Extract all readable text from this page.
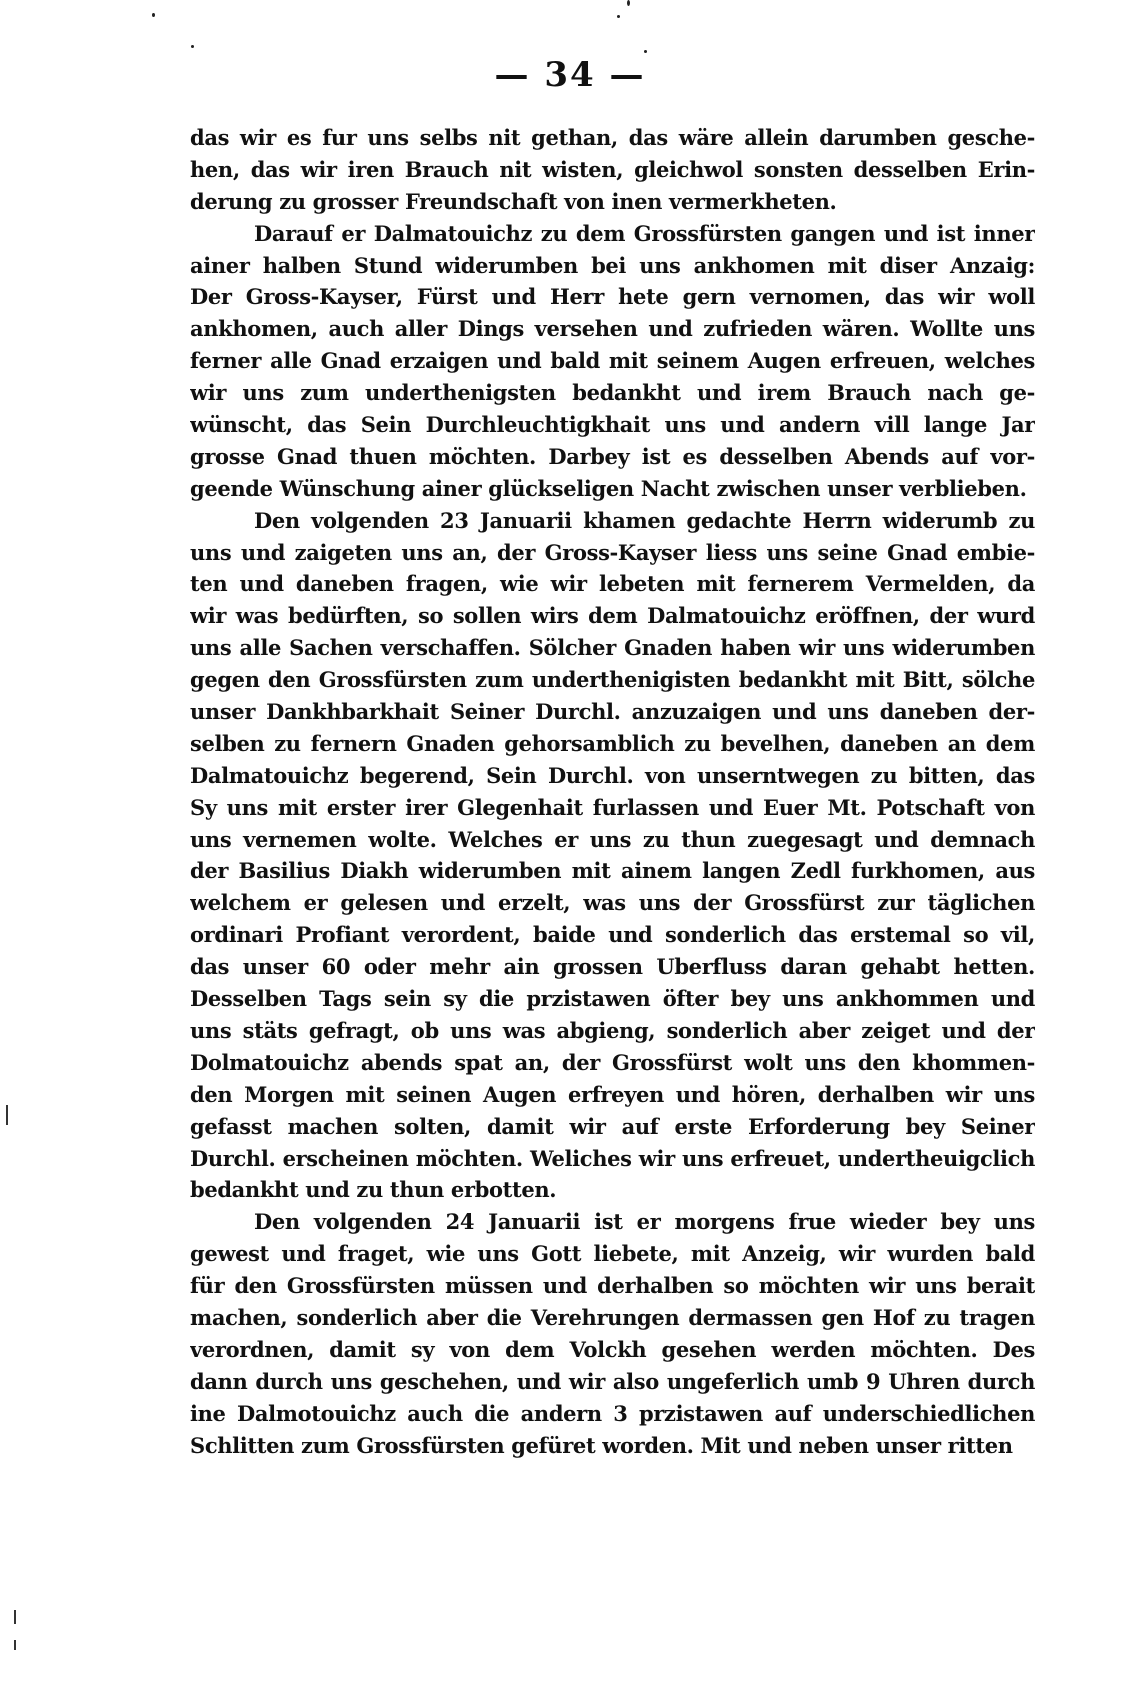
— 34 —
das wir es fur uns selbs nit gethan, das wäre allein darumben gesche-
hen, das wir iren Brauch nit wisten, gleichwol sonsten desselben Erin-
derung zu grosser Freundschaft von inen vermerkheten.
Darauf er Dalmatouichz zu dem Grossfürsten gangen und ist inner
ainer halben Stund widerumben bei uns ankhomen mit diser Anzaig:
Der Gross-Kayser, Fürst und Herr hete gern vernomen, das wir woll
ankhomen, auch aller Dings versehen und zufrieden wären. Wollte uns
ferner alle Gnad erzaigen und bald mit seinem Augen erfreuen, welches
wir uns zum underthenigsten bedankht und irem Brauch nach ge-
wünscht, das Sein Durchleuchtigkhait uns und andern vill lange Jar
grosse Gnad thuen möchten. Darbey ist es desselben Abends auf vor-
geende Wünschung ainer glückseligen Nacht zwischen unser verblieben.
Den volgenden 23 Januarii khamen gedachte Herrn widerumb zu
uns und zaigeten uns an, der Gross-Kayser liess uns seine Gnad embie-
ten und daneben fragen, wie wir lebeten mit fernerem Vermelden, da
wir was bedürften, so sollen wirs dem Dalmatouichz eröffnen, der wurd
uns alle Sachen verschaffen. Sölcher Gnaden haben wir uns widerumben
gegen den Grossfürsten zum underthenigisten bedankht mit Bitt, sölche
unser Dankhbarkhait Seiner Durchl. anzuzaigen und uns daneben der-
selben zu fernern Gnaden gehorsamblich zu bevelhen, daneben an dem
Dalmatouichz begerend, Sein Durchl. von unserntwegen zu bitten, das
Sy uns mit erster irer Glegenhait furlassen und Euer Mt. Potschaft von
uns vernemen wolte. Welches er uns zu thun zuegesagt und demnach
der Basilius Diakh widerumben mit ainem langen Zedl furkhomen, aus
welchem er gelesen und erzelt, was uns der Grossfürst zur täglichen
ordinari Profiant verordent, baide und sonderlich das erstemal so vil,
das unser 60 oder mehr ain grossen Uberfluss daran gehabt hetten.
Desselben Tags sein sy die przistawen öfter bey uns ankhommen und
uns stäts gefragt, ob uns was abgieng, sonderlich aber zeiget und der
Dolmatouichz abends spat an, der Grossfürst wolt uns den khommen-
den Morgen mit seinen Augen erfreyen und hören, derhalben wir uns
gefasst machen solten, damit wir auf erste Erforderung bey Seiner
Durchl. erscheinen möchten. Weliches wir uns erfreuet, undertheuigclich
bedankht und zu thun erbotten.
Den volgenden 24 Januarii ist er morgens frue wieder bey uns
gewest und fraget, wie uns Gott liebete, mit Anzeig, wir wurden bald
für den Grossfürsten müssen und derhalben so möchten wir uns berait
machen, sonderlich aber die Verehrungen dermassen gen Hof zu tragen
verordnen, damit sy von dem Volckh gesehen werden möchten. Des
dann durch uns geschehen, und wir also ungeferlich umb 9 Uhren durch
ine Dalmotouichz auch die andern 3 przistawen auf underschiedlichen
Schlitten zum Grossfürsten gefüret worden. Mit und neben unser ritten
